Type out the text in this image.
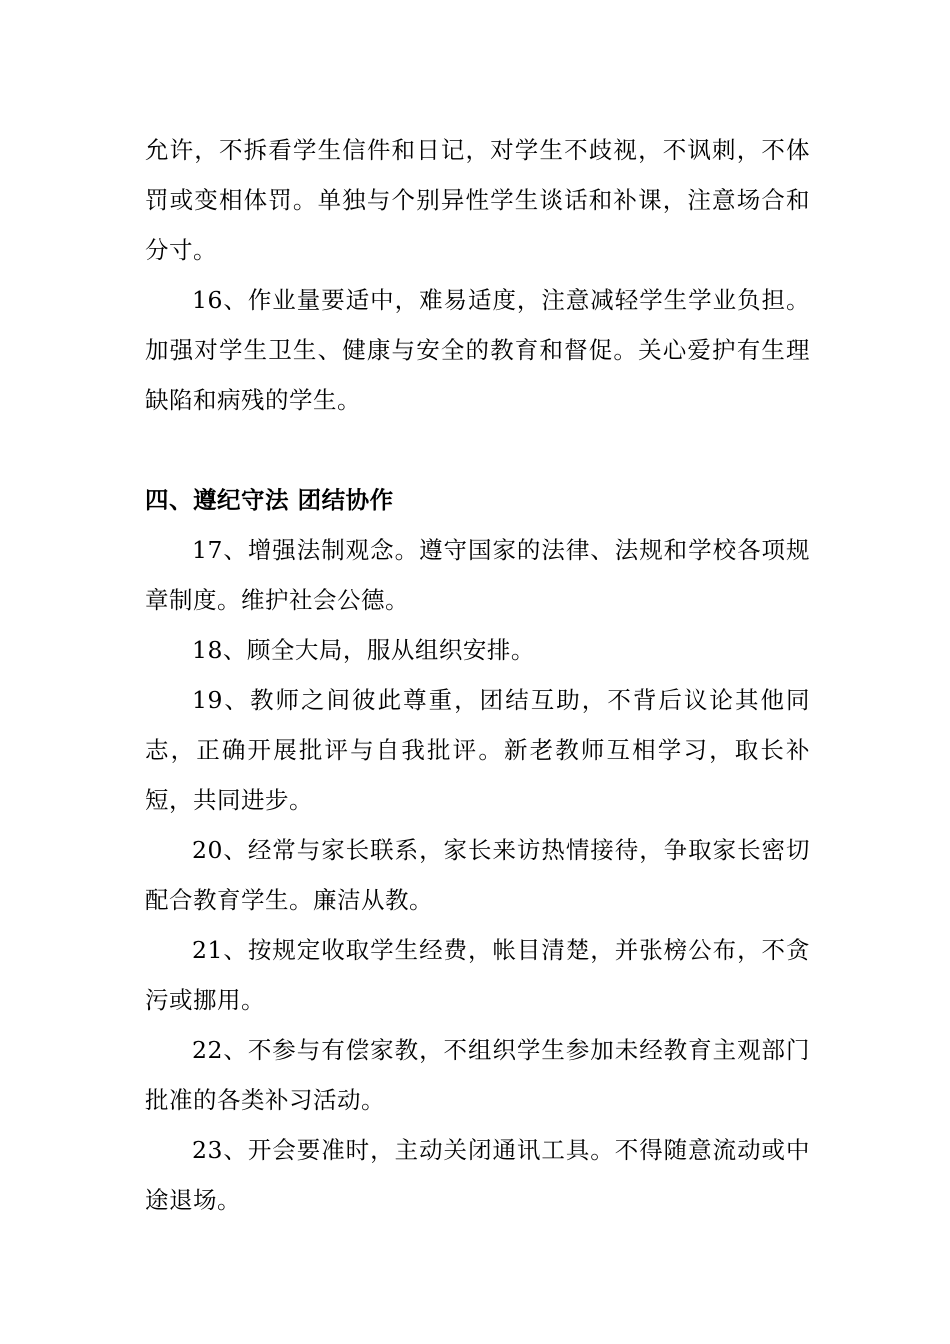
允许，不拆看学生信件和日记，对学生不歧视，不讽刺，不体罚或变相体罚。单独与个别异性学生谈话和补课，注意场合和分寸。

16、作业量要适中，难易适度，注意减轻学生学业负担。加强对学生卫生、健康与安全的教育和督促。关心爱护有生理缺陷和病残的学生。

四、遵纪守法 团结协作

17、增强法制观念。遵守国家的法律、法规和学校各项规章制度。维护社会公德。

18、顾全大局，服从组织安排。

19、教师之间彼此尊重，团结互助，不背后议论其他同志，正确开展批评与自我批评。新老教师互相学习，取长补短，共同进步。

20、经常与家长联系，家长来访热情接待，争取家长密切配合教育学生。廉洁从教。

21、按规定收取学生经费，帐目清楚，并张榜公布，不贪污或挪用。

22、不参与有偿家教，不组织学生参加未经教育主观部门批准的各类补习活动。

23、开会要准时，主动关闭通讯工具。不得随意流动或中途退场。
